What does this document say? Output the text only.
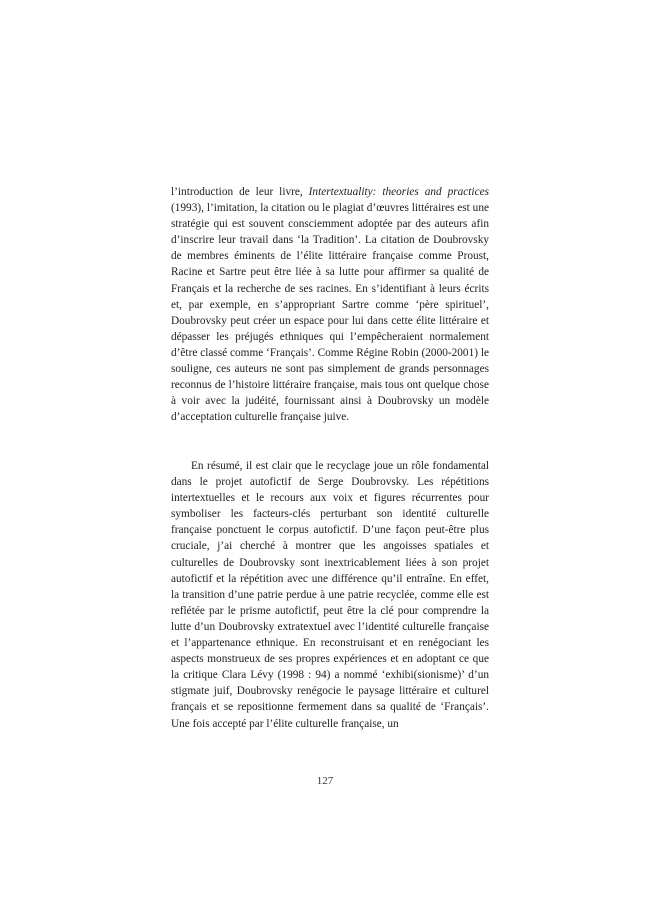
l’introduction de leur livre, Intertextuality: theories and practices (1993), l’imitation, la citation ou le plagiat d’œuvres littéraires est une stratégie qui est souvent consciemment adoptée par des auteurs afin d’inscrire leur travail dans ‘la Tradition’. La citation de Doubrovsky de membres éminents de l’élite littéraire française comme Proust, Racine et Sartre peut être liée à sa lutte pour affirmer sa qualité de Français et la recherche de ses racines. En s’identifiant à leurs écrits et, par exemple, en s’appropriant Sartre comme ‘père spirituel’, Doubrovsky peut créer un espace pour lui dans cette élite littéraire et dépasser les préjugés ethniques qui l’empêcheraient normalement d’être classé comme ‘Français’. Comme Régine Robin (2000-2001) le souligne, ces auteurs ne sont pas simplement de grands personnages reconnus de l’histoire littéraire française, mais tous ont quelque chose à voir avec la judéité, fournissant ainsi à Doubrovsky un modèle d’acceptation culturelle française juive.

En résumé, il est clair que le recyclage joue un rôle fondamental dans le projet autofictif de Serge Doubrovsky. Les répétitions intertextuelles et le recours aux voix et figures récurrentes pour symboliser les facteurs-clés perturbant son identité culturelle française ponctuent le corpus autofictif. D’une façon peut-être plus cruciale, j’ai cherché à montrer que les angoisses spatiales et culturelles de Doubrovsky sont inextricablement liées à son projet autofictif et la répétition avec une différence qu’il entraîne. En effet, la transition d’une patrie perdue à une patrie recyclée, comme elle est reflétée par le prisme autofictif, peut être la clé pour comprendre la lutte d’un Doubrovsky extratextuel avec l’identité culturelle française et l’appartenance ethnique. En reconstruisant et en renégociant les aspects monstrueux de ses propres expériences et en adoptant ce que la critique Clara Lévy (1998 : 94) a nommé ‘exhibi(sionisme)’ d’un stigmate juif, Doubrovsky renégocie le paysage littéraire et culturel français et se repositionne fermement dans sa qualité de ‘Français’. Une fois accepté par l’élite culturelle française, un

127
